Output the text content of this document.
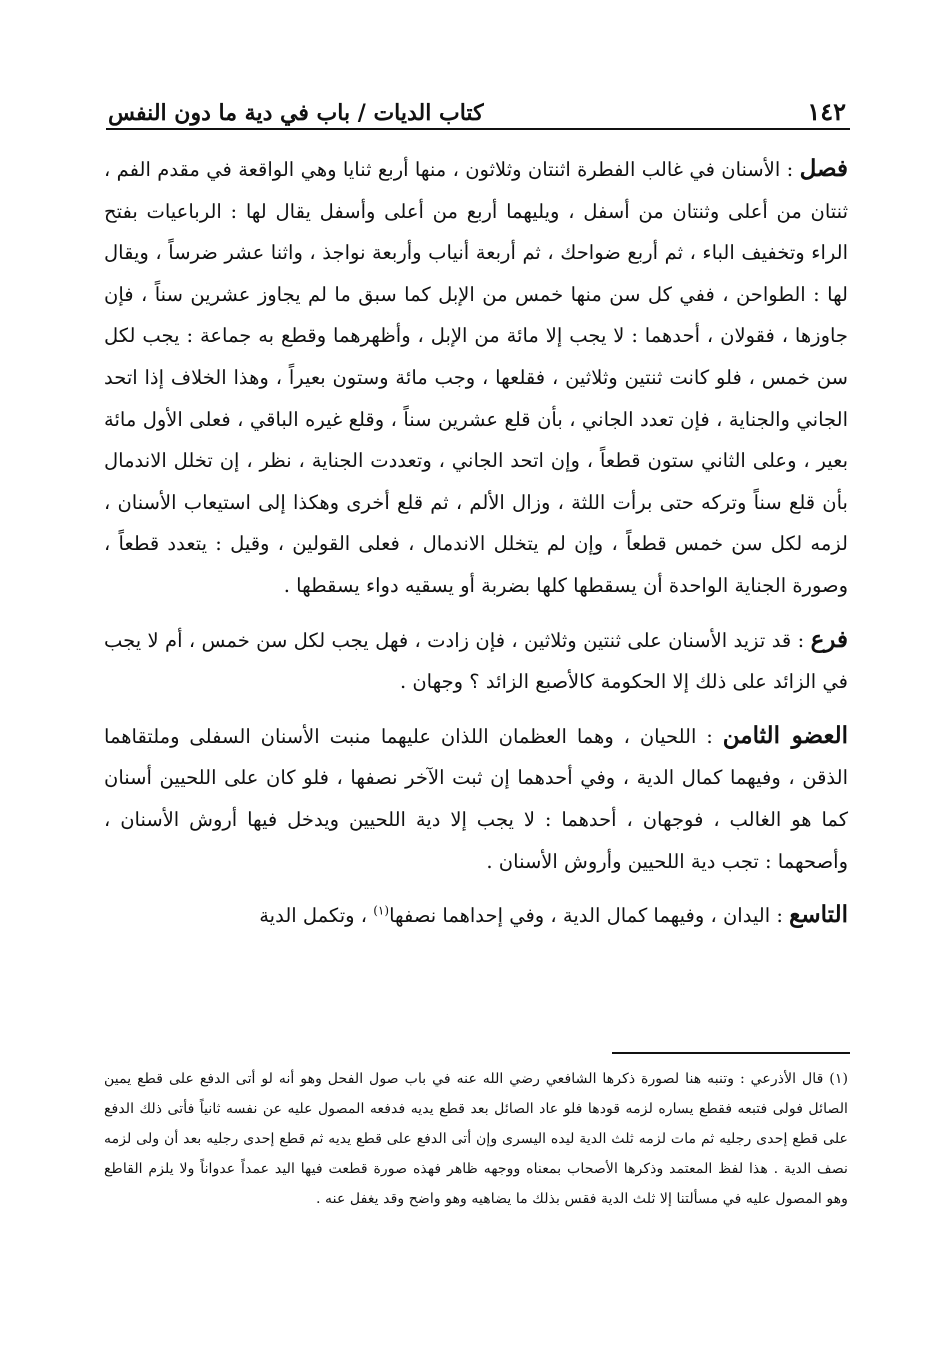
١٤٢
كتاب الديات / باب في دية ما دون النفس

فصل : الأسنان في غالب الفطرة اثنتان وثلاثون ، منها أربع ثنايا وهي الواقعة في مقدم الفم ، ثنتان من أعلى وثنتان من أسفل ، ويليهما أربع من أعلى وأسفل يقال لها : الرباعيات بفتح الراء وتخفيف الباء ، ثم أربع ضواحك ، ثم أربعة أنياب وأربعة نواجذ ، واثنا عشر ضرساً ، ويقال لها : الطواحن ، ففي كل سن منها خمس من الإبل كما سبق ما لم يجاوز عشرين سناً ، فإن جاوزها ، فقولان ، أحدهما : لا يجب إلا مائة من الإبل ، وأظهرهما وقطع به جماعة : يجب لكل سن خمس ، فلو كانت ثنتين وثلاثين ، فقلعها ، وجب مائة وستون بعيراً ، وهذا الخلاف إذا اتحد الجاني والجناية ، فإن تعدد الجاني ، بأن قلع عشرين سناً ، وقلع غيره الباقي ، فعلى الأول مائة بعير ، وعلى الثاني ستون قطعاً ، وإن اتحد الجاني ، وتعددت الجناية ، نظر ، إن تخلل الاندمال بأن قلع سناً وتركه حتى برأت اللثة ، وزال الألم ، ثم قلع أخرى وهكذا إلى استيعاب الأسنان ، لزمه لكل سن خمس قطعاً ، وإن لم يتخلل الاندمال ، فعلى القولين ، وقيل : يتعدد قطعاً ، وصورة الجناية الواحدة أن يسقطها كلها بضربة أو يسقيه دواء يسقطها .

فرع : قد تزيد الأسنان على ثنتين وثلاثين ، فإن زادت ، فهل يجب لكل سن خمس ، أم لا يجب في الزائد على ذلك إلا الحكومة كالأصبع الزائد ؟ وجهان .

العضو الثامن : اللحيان ، وهما العظمان اللذان عليهما منبت الأسنان السفلى وملتقاهما الذقن ، وفيهما كمال الدية ، وفي أحدهما إن ثبت الآخر نصفها ، فلو كان على اللحيين أسنان كما هو الغالب ، فوجهان ، أحدهما : لا يجب إلا دية اللحيين ويدخل فيها أروش الأسنان ، وأصحهما : تجب دية اللحيين وأروش الأسنان .

التاسع : اليدان ، وفيهما كمال الدية ، وفي إحداهما نصفها$^{(١)}$ ، وتكمل الدية

(١) قال الأذرعي : وتنبه هنا لصورة ذكرها الشافعي رضي الله عنه في باب صول الفحل وهو أنه لو أتى الدفع على قطع يمين الصائل فولى فتبعه فقطع يساره لزمه قودها فلو عاد الصائل بعد قطع يديه فدفعه المصول عليه عن نفسه ثانياً فأتى ذلك الدفع على قطع إحدى رجليه ثم مات لزمه ثلث الدية ليده اليسرى وإن أتى الدفع على قطع يديه ثم قطع إحدى رجليه بعد أن ولى لزمه نصف الدية . هذا لفظ المعتمد وذكرها الأصحاب بمعناه ووجهه ظاهر فهذه صورة قطعت فيها اليد عمداً عدواناً ولا يلزم القاطع وهو المصول عليه في مسألتنا إلا ثلث الدية فقس بذلك ما يضاهيه وهو واضح وقد يغفل عنه .
